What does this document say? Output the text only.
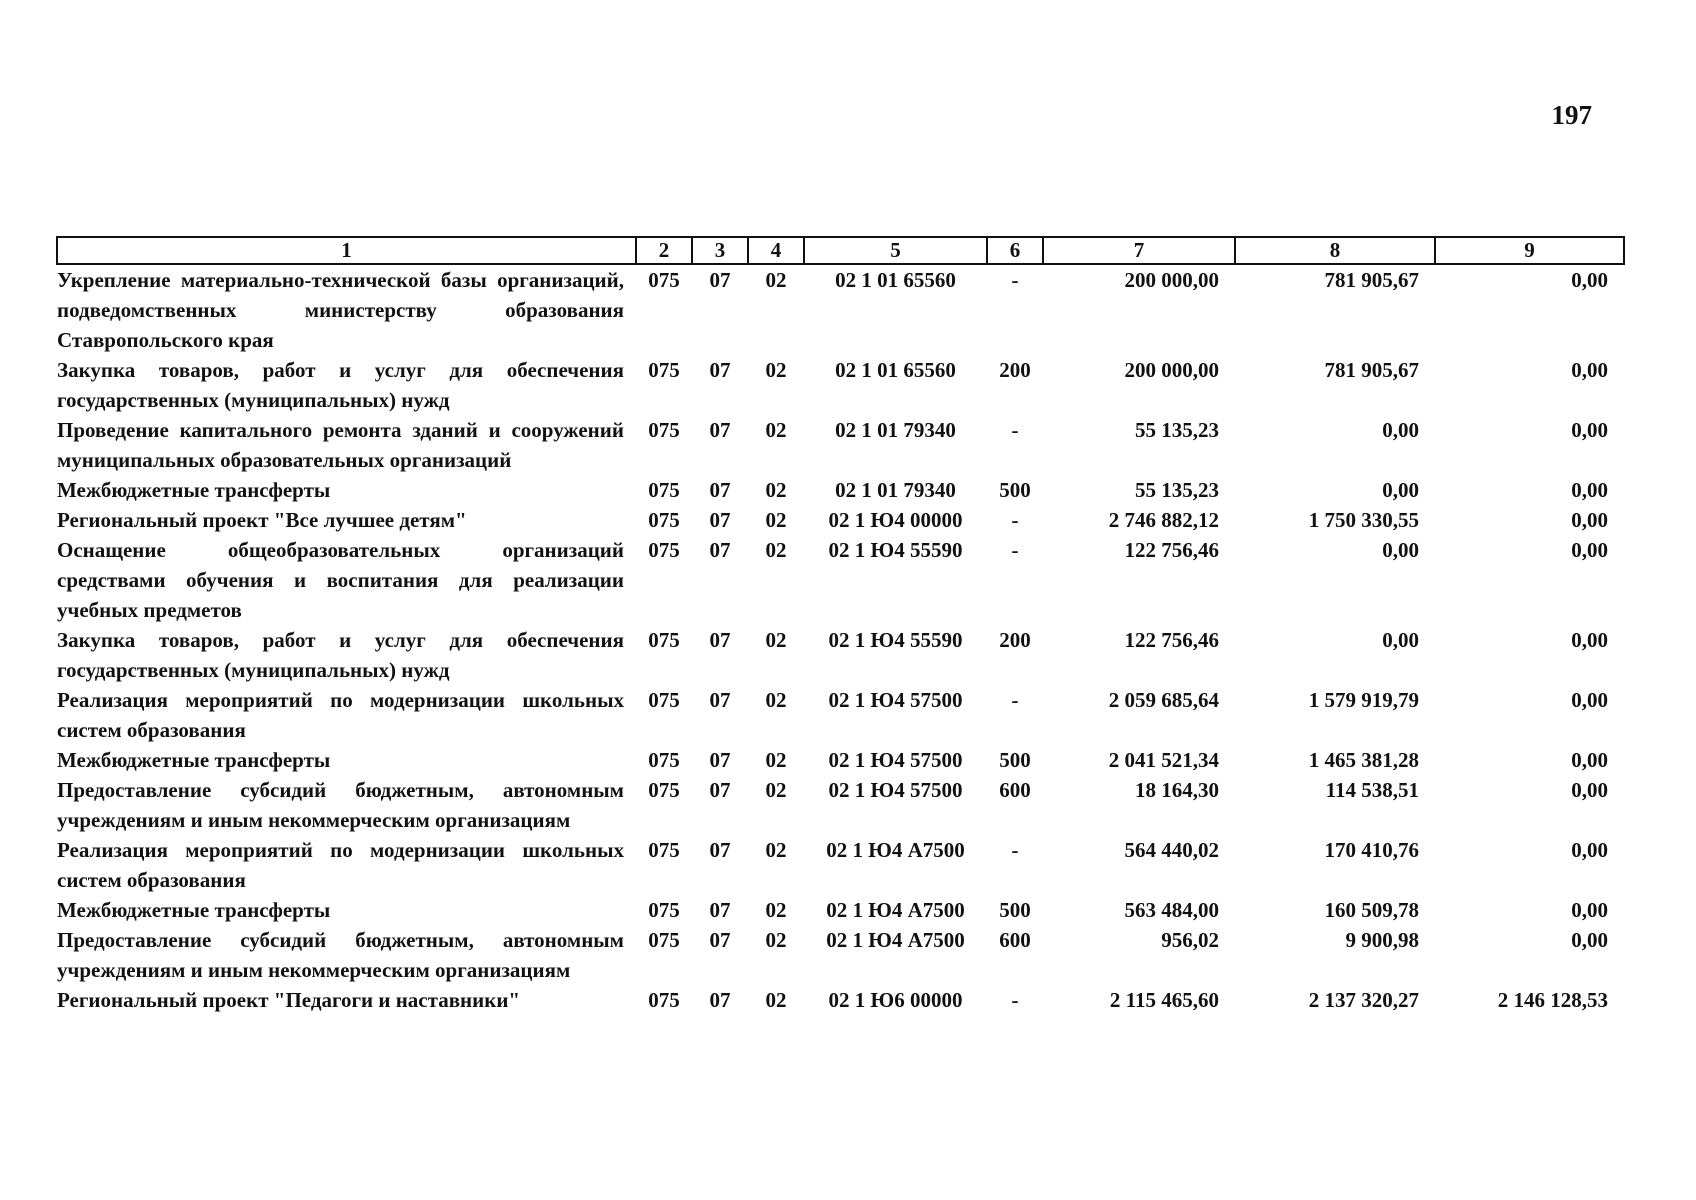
197
1	2	3	4	5	6	7	8	9
Укрепление материально-технической базы организаций, подведомственных министерству образования Ставропольского края	075	07	02	02 1 01 65560	-	200 000,00	781 905,67	0,00
Закупка товаров, работ и услуг для обеспечения государственных (муниципальных) нужд	075	07	02	02 1 01 65560	200	200 000,00	781 905,67	0,00
Проведение капитального ремонта зданий и сооружений муниципальных образовательных организаций	075	07	02	02 1 01 79340	-	55 135,23	0,00	0,00
Межбюджетные трансферты	075	07	02	02 1 01 79340	500	55 135,23	0,00	0,00
Региональный проект "Все лучшее детям"	075	07	02	02 1 Ю4 00000	-	2 746 882,12	1 750 330,55	0,00
Оснащение общеобразовательных организаций средствами обучения и воспитания для реализации учебных предметов	075	07	02	02 1 Ю4 55590	-	122 756,46	0,00	0,00
Закупка товаров, работ и услуг для обеспечения государственных (муниципальных) нужд	075	07	02	02 1 Ю4 55590	200	122 756,46	0,00	0,00
Реализация мероприятий по модернизации школьных систем образования	075	07	02	02 1 Ю4 57500	-	2 059 685,64	1 579 919,79	0,00
Межбюджетные трансферты	075	07	02	02 1 Ю4 57500	500	2 041 521,34	1 465 381,28	0,00
Предоставление субсидий бюджетным, автономным учреждениям и иным некоммерческим организациям	075	07	02	02 1 Ю4 57500	600	18 164,30	114 538,51	0,00
Реализация мероприятий по модернизации школьных систем образования	075	07	02	02 1 Ю4 А7500	-	564 440,02	170 410,76	0,00
Межбюджетные трансферты	075	07	02	02 1 Ю4 А7500	500	563 484,00	160 509,78	0,00
Предоставление субсидий бюджетным, автономным учреждениям и иным некоммерческим организациям	075	07	02	02 1 Ю4 А7500	600	956,02	9 900,98	0,00
Региональный проект "Педагоги и наставники"	075	07	02	02 1 Ю6 00000	-	2 115 465,60	2 137 320,27	2 146 128,53
